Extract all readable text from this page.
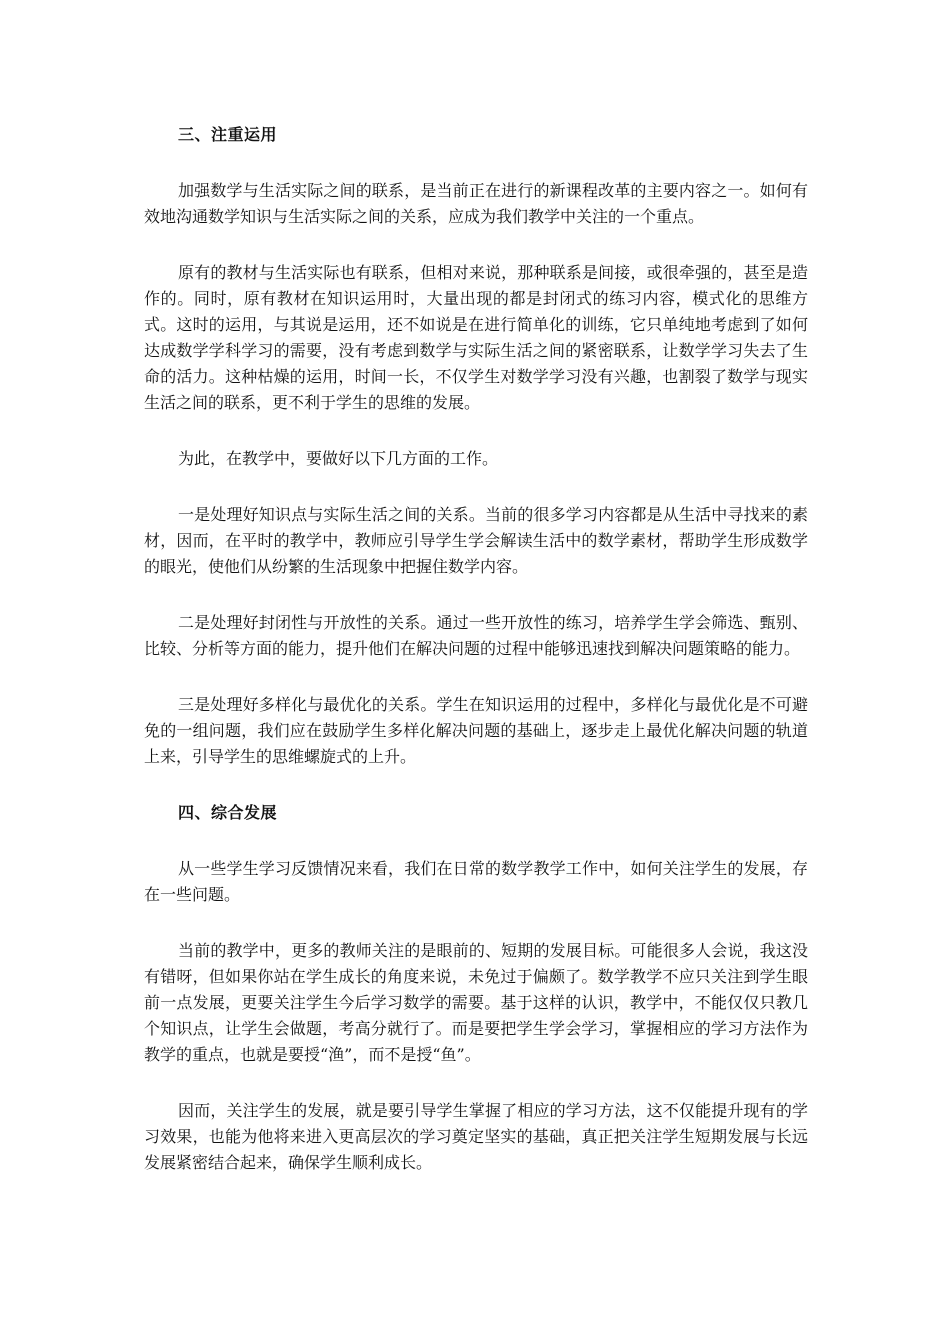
三、注重运用

加强数学与生活实际之间的联系，是当前正在进行的新课程改革的主要内容之一。如何有效地沟通数学知识与生活实际之间的关系，应成为我们教学中关注的一个重点。

原有的教材与生活实际也有联系，但相对来说，那种联系是间接，或很牵强的，甚至是造作的。同时，原有教材在知识运用时，大量出现的都是封闭式的练习内容，模式化的思维方式。这时的运用，与其说是运用，还不如说是在进行简单化的训练，它只单纯地考虑到了如何达成数学学科学习的需要，没有考虑到数学与实际生活之间的紧密联系，让数学学习失去了生命的活力。这种枯燥的运用，时间一长，不仅学生对数学学习没有兴趣，也割裂了数学与现实生活之间的联系，更不利于学生的思维的发展。

为此，在教学中，要做好以下几方面的工作。

一是处理好知识点与实际生活之间的关系。当前的很多学习内容都是从生活中寻找来的素材，因而，在平时的教学中，教师应引导学生学会解读生活中的数学素材，帮助学生形成数学的眼光，使他们从纷繁的生活现象中把握住数学内容。

二是处理好封闭性与开放性的关系。通过一些开放性的练习，培养学生学会筛选、甄别、比较、分析等方面的能力，提升他们在解决问题的过程中能够迅速找到解决问题策略的能力。

三是处理好多样化与最优化的关系。学生在知识运用的过程中，多样化与最优化是不可避免的一组问题，我们应在鼓励学生多样化解决问题的基础上，逐步走上最优化解决问题的轨道上来，引导学生的思维螺旋式的上升。

四、综合发展

从一些学生学习反馈情况来看，我们在日常的数学教学工作中，如何关注学生的发展，存在一些问题。

当前的教学中，更多的教师关注的是眼前的、短期的发展目标。可能很多人会说，我这没有错呀，但如果你站在学生成长的角度来说，未免过于偏颇了。数学教学不应只关注到学生眼前一点发展，更要关注学生今后学习数学的需要。基于这样的认识，教学中，不能仅仅只教几个知识点，让学生会做题，考高分就行了。而是要把学生学会学习，掌握相应的学习方法作为教学的重点，也就是要授“渔”，而不是授“鱼”。

因而，关注学生的发展，就是要引导学生掌握了相应的学习方法，这不仅能提升现有的学习效果，也能为他将来进入更高层次的学习奠定坚实的基础，真正把关注学生短期发展与长远发展紧密结合起来，确保学生顺利成长。
